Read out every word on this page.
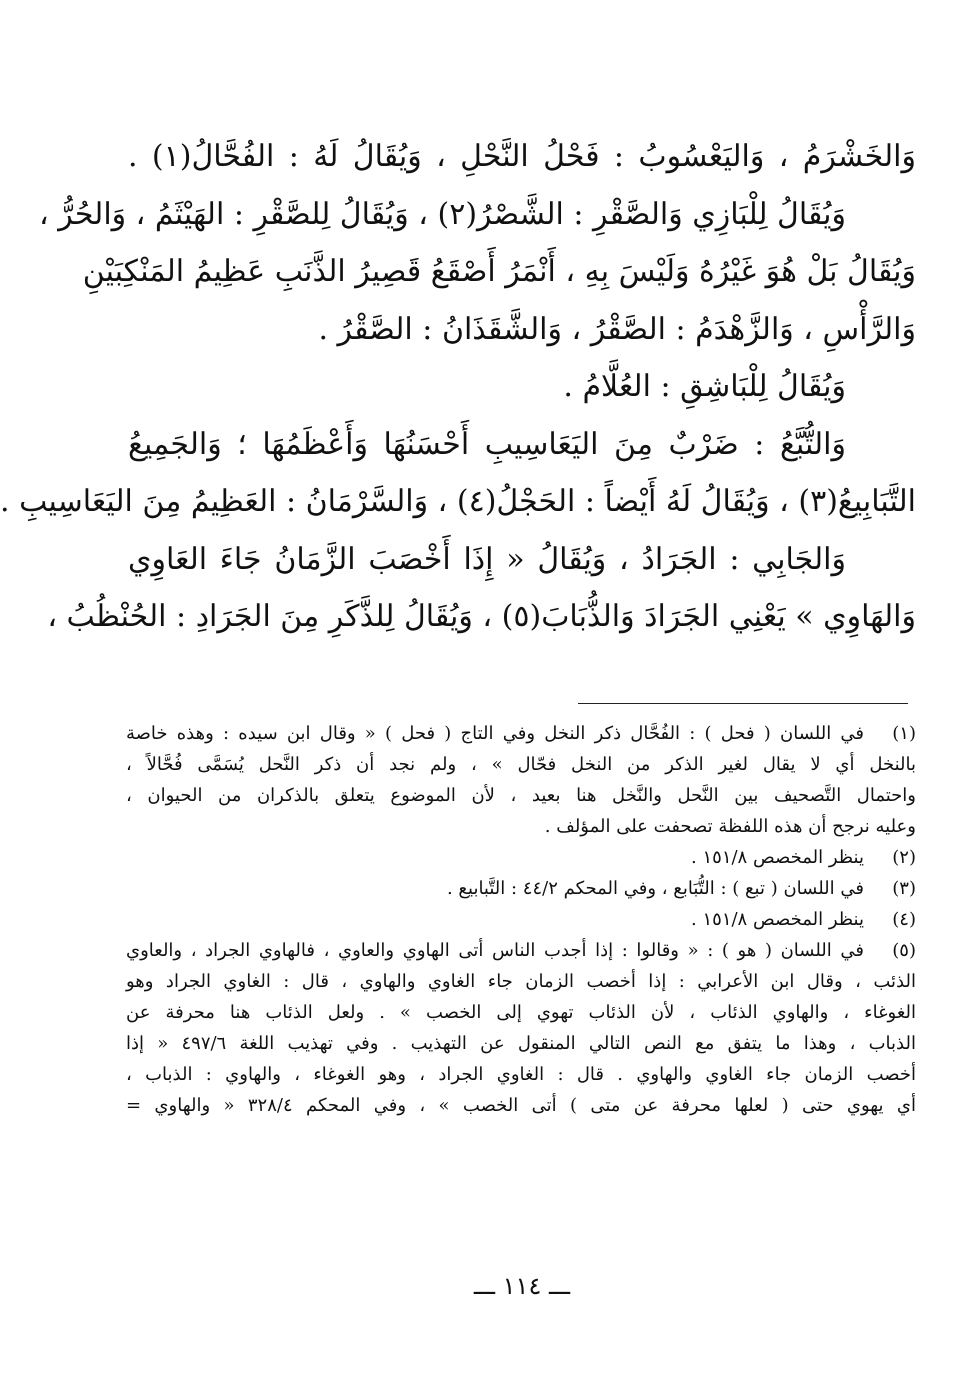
وَالخَشْرَمُ ، وَاليَعْسُوبُ : فَحْلُ النَّحْلِ ، وَيُقَالُ لَهُ : الفُحَّالُ(١) .
وَيُقَالُ لِلْبَازِي وَالصَّقْرِ : الشَّصْرُ(٢) ، وَيُقَالُ لِلصَّقْرِ : الهَيْثَمُ ، وَالحُرُّ ،
وَيُقَالُ بَلْ هُوَ غَيْرُهُ وَلَيْسَ بِهِ ، أَنْمَرُ أَصْقَعُ قَصِيرُ الذَّنَبِ عَظِيمُ المَنْكِبَيْنِ
وَالرَّأْسِ ، وَالزَّهْدَمُ : الصَّقْرُ ، وَالشَّقَذَانُ : الصَّقْرُ .
وَيُقَالُ لِلْبَاشِقِ : العُلَّامُ .
وَالتُّبَّعُ : ضَرْبٌ مِنَ اليَعَاسِيبِ أَحْسَنُهَا وَأَعْظَمُهَا ؛ وَالجَمِيعُ
التَّبَابِيعُ(٣) ، وَيُقَالُ لَهُ أَيْضاً : الحَجْلُ(٤) ، وَالسَّرْمَانُ : العَظِيمُ مِنَ اليَعَاسِيبِ .
وَالجَابِي : الجَرَادُ ، وَيُقَالُ « إِذَا أَخْصَبَ الزَّمَانُ جَاءَ العَاوِي
وَالهَاوِي » يَعْنِي الجَرَادَ وَالذُّبَابَ(٥) ، وَيُقَالُ لِلذَّكَرِ مِنَ الجَرَادِ : الحُنْظُبُ ،
(١)
في اللسان ( فحل ) : الفُحَّال ذكر النخل وفي التاج ( فحل ) « وقال ابن سيده : وهذه خاصة
بالنخل أي لا يقال لغير الذكر من النخل فحّال » ، ولم نجد أن ذكر النَّحل يُسَمَّى فُحَّالاً ،
واحتمال التَّصحيف بين النَّحل والنَّخل هنا بعيد ، لأن الموضوع يتعلق بالذكران من الحيوان ،
وعليه نرجح أن هذه اللفظة تصحفت على المؤلف .
(٢)
ينظر المخصص ١٥١/٨ .
(٣)
في اللسان ( تبع ) : التُّبَابع ، وفي المحكم ٤٤/٢ : التَّبابيع .
(٤)
ينظر المخصص ١٥١/٨ .
(٥)
في اللسان ( هو ) : « وقالوا : إذا أجدب الناس أتى الهاوي والعاوي ، فالهاوي الجراد ، والعاوي
الذئب ، وقال ابن الأعرابي : إذا أخصب الزمان جاء الغاوي والهاوي ، قال : الغاوي الجراد وهو
الغوغاء ، والهاوي الذئاب ، لأن الذئاب تهوي إلى الخصب » . ولعل الذئاب هنا محرفة عن
الذباب ، وهذا ما يتفق مع النص التالي المنقول عن التهذيب . وفي تهذيب اللغة ٤٩٧/٦ « إذا
أخصب الزمان جاء الغاوي والهاوي . قال : الغاوي الجراد ، وهو الغوغاء ، والهاوي : الذباب ،
أي يهوي حتى ( لعلها محرفة عن متى ) أتى الخصب » ، وفي المحكم ٣٢٨/٤ « والهاوي =
ـــ ١١٤ ـــ
